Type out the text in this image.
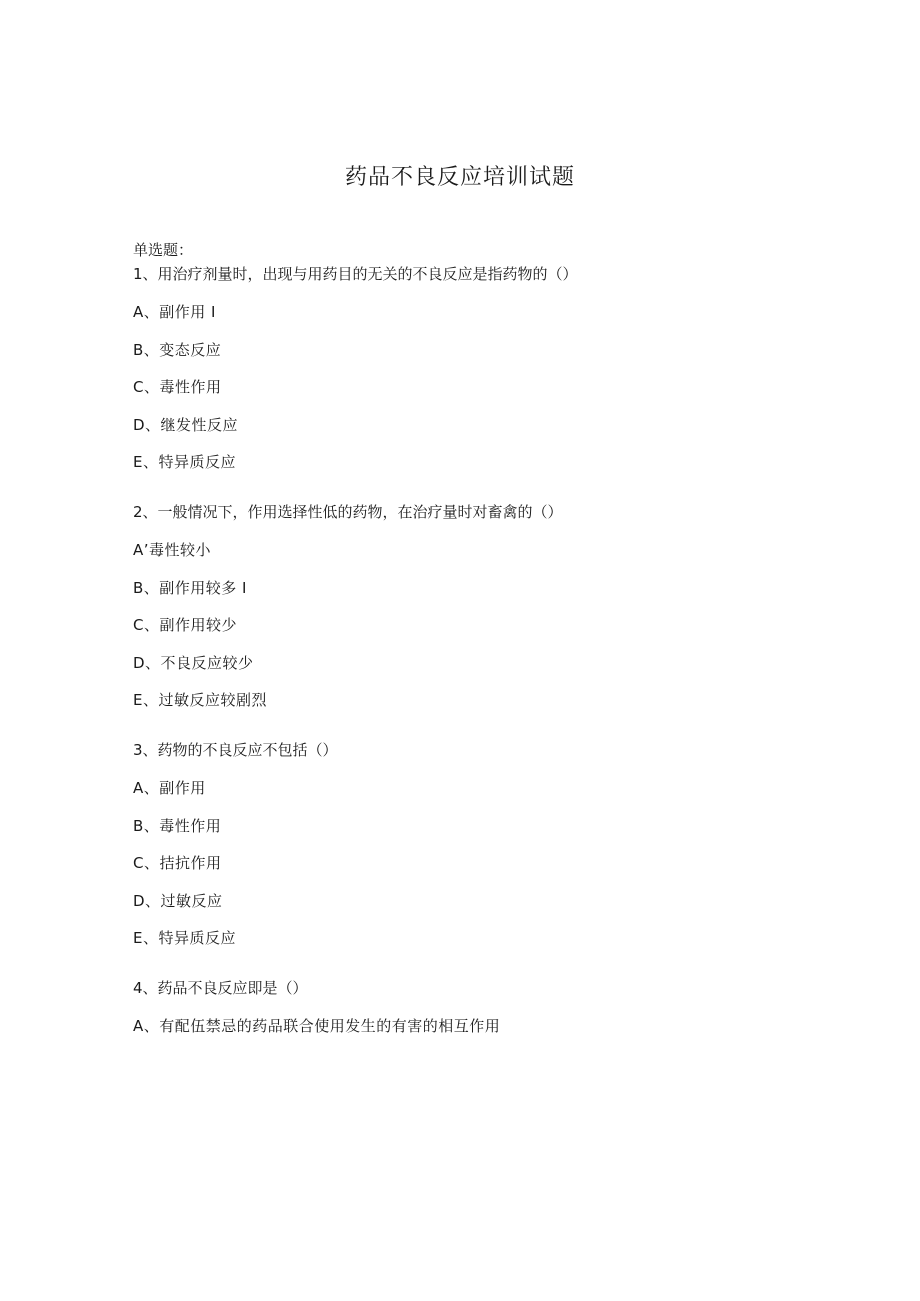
药品不良反应培训试题
单选题：
1、用治疗剂量时，出现与用药目的无关的不良反应是指药物的（）
A、副作用 I
B、变态反应
C、毒性作用
D、继发性反应
E、特异质反应
2、一般情况下，作用选择性低的药物，在治疗量时对畜禽的（）
A’毒性较小
B、副作用较多 I
C、副作用较少
D、不良反应较少
E、过敏反应较剧烈
3、药物的不良反应不包括（）
A、副作用
B、毒性作用
C、拮抗作用
D、过敏反应
E、特异质反应
4、药品不良反应即是（）
A、有配伍禁忌的药品联合使用发生的有害的相互作用
